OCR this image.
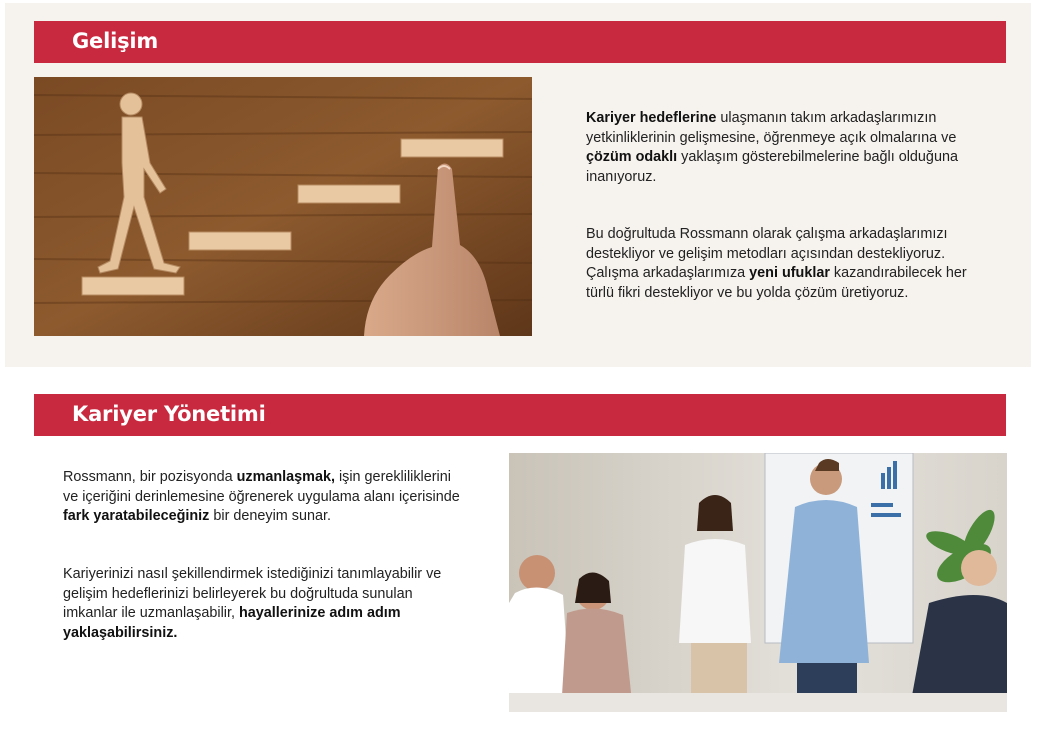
Gelişim

Kariyer hedeflerine ulaşmanın takım arkadaşlarımızın yetkinliklerinin gelişmesine, öğrenmeye açık olmalarına ve çözüm odaklı yaklaşım gösterebilmelerine bağlı olduğuna inanıyoruz.

Bu doğrultuda Rossmann olarak çalışma arkadaşlarımızı destekliyor ve gelişim metodları açısından destekliyoruz. Çalışma arkadaşlarımıza yeni ufuklar kazandırabilecek her türlü fikri destekliyor ve bu yolda çözüm üretiyoruz.

Kariyer Yönetimi

Rossmann, bir pozisyonda uzmanlaşmak, işin gerekliliklerini ve içeriğini derinlemesine öğrenerek uygulama alanı içerisinde fark yaratabileceğiniz bir deneyim sunar.

Kariyerinizi nasıl şekillendirmek istediğinizi tanımlayabilir ve gelişim hedeflerinizi belirleyerek bu doğrultuda sunulan imkanlar ile uzmanlaşabilir, hayallerinize adım adım yaklaşabilirsiniz.
